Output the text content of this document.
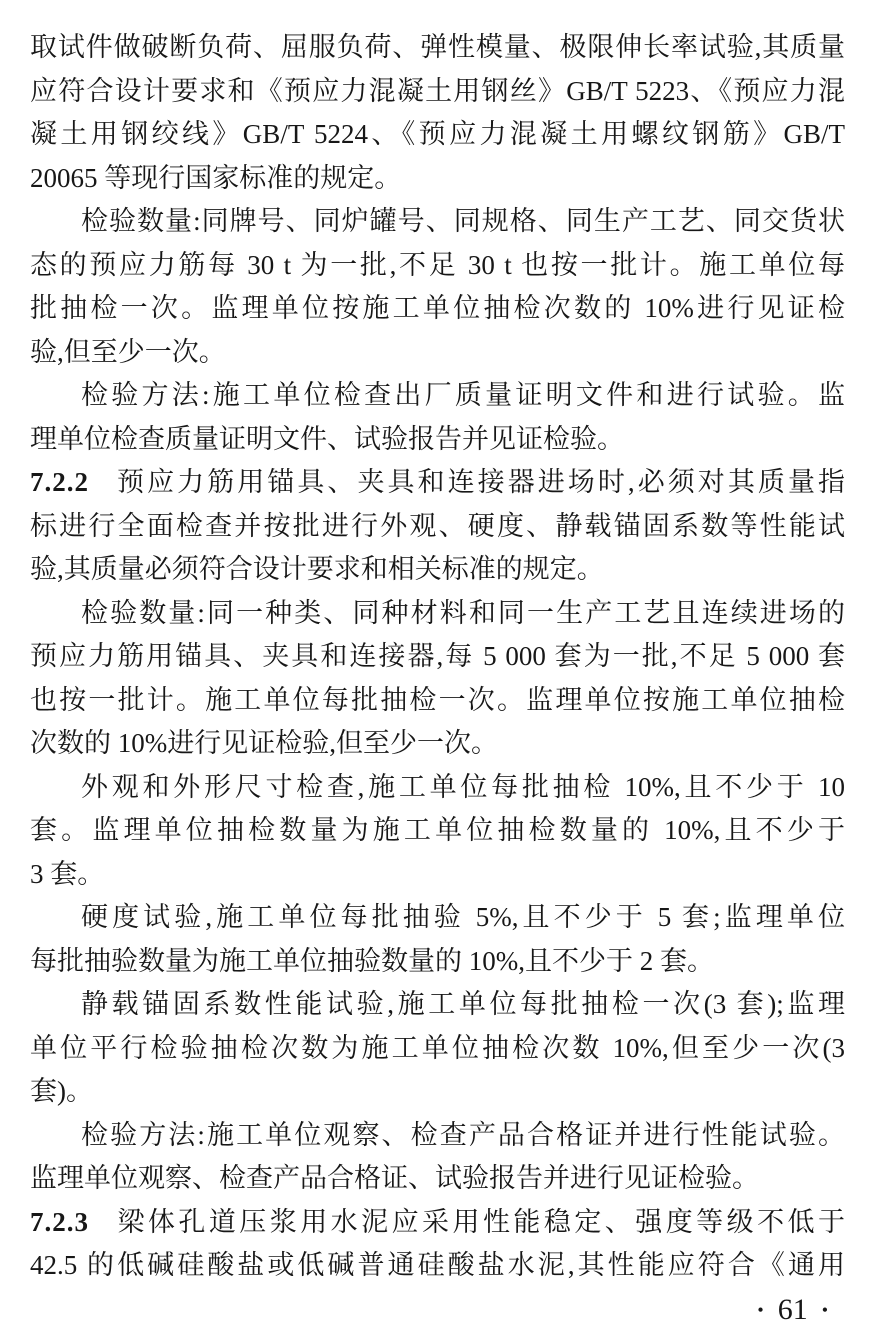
取试件做破断负荷、屈服负荷、弹性模量、极限伸长率试验,其质量

应符合设计要求和《预应力混凝土用钢丝》GB/T 5223、《预应力混

凝土用钢绞线》GB/T 5224、《预应力混凝土用螺纹钢筋》GB/T

20065 等现行国家标准的规定。

检验数量:同牌号、同炉罐号、同规格、同生产工艺、同交货状

态的预应力筋每 30 t 为一批,不足 30 t 也按一批计。施工单位每

批抽检一次。监理单位按施工单位抽检次数的 10%进行见证检

验,但至少一次。

检验方法:施工单位检查出厂质量证明文件和进行试验。监

理单位检查质量证明文件、试验报告并见证检验。

7.2.2 预应力筋用锚具、夹具和连接器进场时,必须对其质量指

标进行全面检查并按批进行外观、硬度、静载锚固系数等性能试

验,其质量必须符合设计要求和相关标准的规定。

检验数量:同一种类、同种材料和同一生产工艺且连续进场的

预应力筋用锚具、夹具和连接器,每 5 000 套为一批,不足 5 000 套

也按一批计。施工单位每批抽检一次。监理单位按施工单位抽检

次数的 10%进行见证检验,但至少一次。

外观和外形尺寸检查,施工单位每批抽检 10%,且不少于 10

套。监理单位抽检数量为施工单位抽检数量的 10%,且不少于

3 套。

硬度试验,施工单位每批抽验 5%,且不少于 5 套;监理单位

每批抽验数量为施工单位抽验数量的 10%,且不少于 2 套。

静载锚固系数性能试验,施工单位每批抽检一次(3 套);监理

单位平行检验抽检次数为施工单位抽检次数 10%,但至少一次(3

套)。

检验方法:施工单位观察、检查产品合格证并进行性能试验。

监理单位观察、检查产品合格证、试验报告并进行见证检验。

7.2.3 梁体孔道压浆用水泥应采用性能稳定、强度等级不低于

42.5 的低碱硅酸盐或低碱普通硅酸盐水泥,其性能应符合《通用

• 61 •
